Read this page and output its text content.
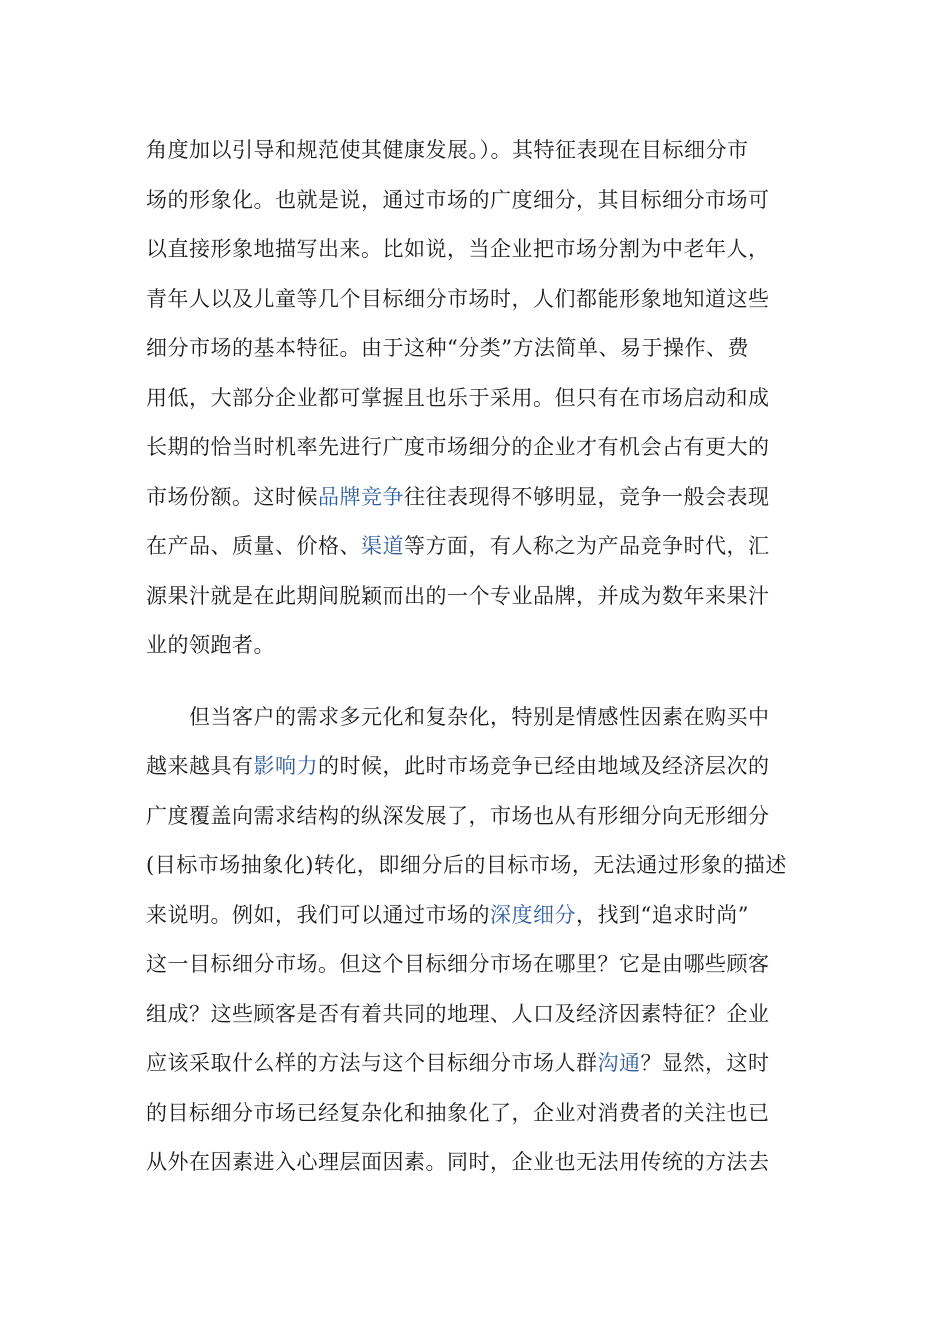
角度加以引导和规范使其健康发展。）。其特征表现在目标细分市
场的形象化。也就是说，通过市场的广度细分，其目标细分市场可
以直接形象地描写出来。比如说，当企业把市场分割为中老年人，
青年人以及儿童等几个目标细分市场时，人们都能形象地知道这些
细分市场的基本特征。由于这种“分类”方法简单、易于操作、费
用低，大部分企业都可掌握且也乐于采用。但只有在市场启动和成
长期的恰当时机率先进行广度市场细分的企业才有机会占有更大的
市场份额。这时候品牌竞争往往表现得不够明显，竞争一般会表现
在产品、质量、价格、渠道等方面，有人称之为产品竞争时代，汇
源果汁就是在此期间脱颖而出的一个专业品牌，并成为数年来果汁
业的领跑者。
但当客户的需求多元化和复杂化，特别是情感性因素在购买中
越来越具有影响力的时候，此时市场竞争已经由地域及经济层次的
广度覆盖向需求结构的纵深发展了，市场也从有形细分向无形细分
(目标市场抽象化)转化，即细分后的目标市场，无法通过形象的描述
来说明。例如，我们可以通过市场的深度细分，找到“追求时尚”
这一目标细分市场。但这个目标细分市场在哪里？它是由哪些顾客
组成？这些顾客是否有着共同的地理、人口及经济因素特征？企业
应该采取什么样的方法与这个目标细分市场人群沟通？显然，这时
的目标细分市场已经复杂化和抽象化了，企业对消费者的关注也已
从外在因素进入心理层面因素。同时，企业也无法用传统的方法去
